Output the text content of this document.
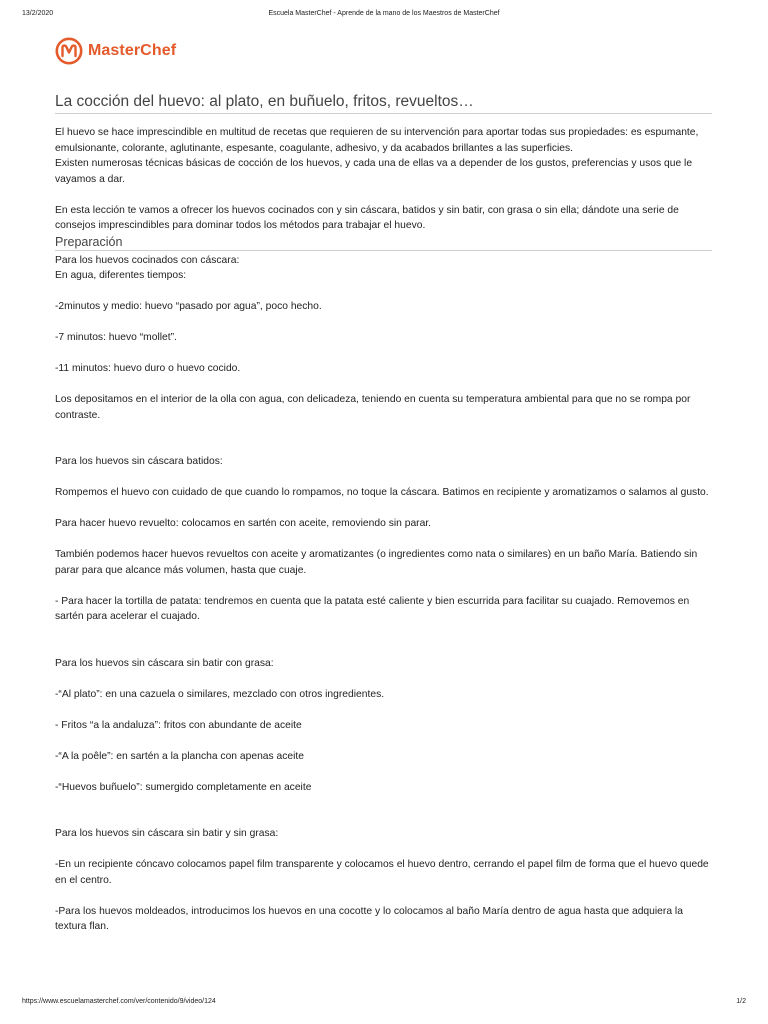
13/2/2020	Escuela MasterChef - Aprende de la mano de los Maestros de MasterChef
MasterChef
La cocción del huevo: al plato, en buñuelo, fritos, revueltos…

El huevo se hace imprescindible en multitud de recetas que requieren de su intervención para aportar todas sus propiedades: es espumante, emulsionante, colorante, aglutinante, espesante, coagulante, adhesivo, y da acabados brillantes a las superficies.

Existen numerosas técnicas básicas de cocción de los huevos, y cada una de ellas va a depender de los gustos, preferencias y usos que le vayamos a dar.

En esta lección te vamos a ofrecer los huevos cocinados con y sin cáscara, batidos y sin batir, con grasa o sin ella; dándote una serie de consejos imprescindibles para dominar todos los métodos para trabajar el huevo.

Preparación

Para los huevos cocinados con cáscara:

En agua, diferentes tiempos:

-2minutos y medio: huevo “pasado por agua”, poco hecho.

-7 minutos: huevo “mollet”.

-11 minutos: huevo duro o huevo cocido.

Los depositamos en el interior de la olla con agua, con delicadeza, teniendo en cuenta su temperatura ambiental para que no se rompa por contraste.

Para los huevos sin cáscara batidos:

Rompemos el huevo con cuidado de que cuando lo rompamos, no toque la cáscara. Batimos en recipiente y aromatizamos o salamos al gusto.

Para hacer huevo revuelto: colocamos en sartén con aceite, removiendo sin parar.

También podemos hacer huevos revueltos con aceite y aromatizantes (o ingredientes como nata o similares) en un baño María. Batiendo sin parar para que alcance más volumen, hasta que cuaje.

- Para hacer la tortilla de patata: tendremos en cuenta que la patata esté caliente y bien escurrida para facilitar su cuajado. Removemos en sartén para acelerar el cuajado.

Para los huevos sin cáscara sin batir con grasa:

-“Al plato”: en una cazuela o similares, mezclado con otros ingredientes.

- Fritos “a la andaluza”: fritos con abundante de aceite

-“A la poêle”: en sartén a la plancha con apenas aceite

-“Huevos buñuelo”: sumergido completamente en aceite

Para los huevos sin cáscara sin batir y sin grasa:

-En un recipiente cóncavo colocamos papel film transparente y colocamos el huevo dentro, cerrando el papel film de forma que el huevo quede en el centro.

-Para los huevos moldeados, introducimos los huevos en una cocotte y lo colocamos al baño María dentro de agua hasta que adquiera la textura flan.

https://www.escuelamasterchef.com/ver/contenido/9/video/124	1/2
